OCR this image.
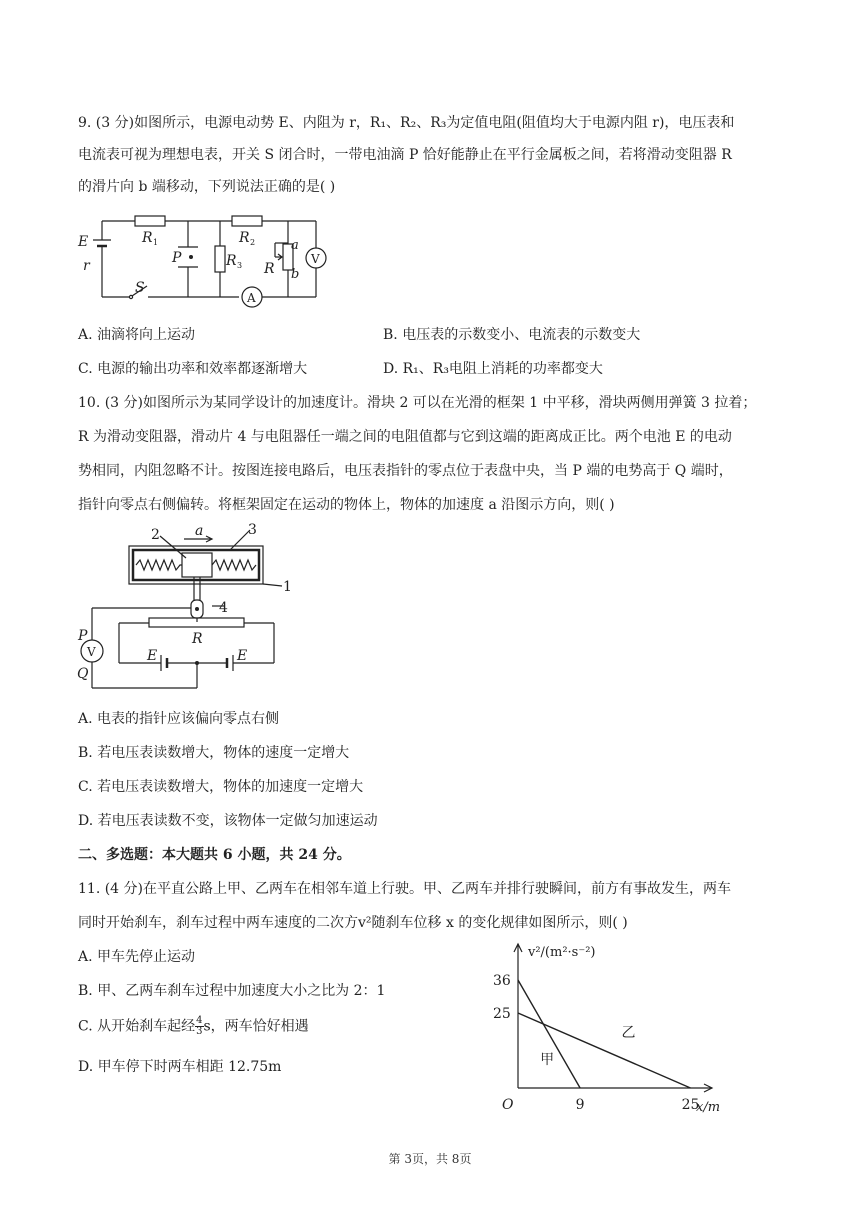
9. (3 分)如图所示，电源电动势 E、内阻为 r，R₁、R₂、R₃为定值电阻(阻值均大于电源内阻 r)，电压表和
电流表可视为理想电表，开关 S 闭合时，一带电油滴 P 恰好能静止在平行金属板之间，若将滑动变阻器 R
的滑片向 b 端移动，下列说法正确的是( )
E
r
S
P
R 1	R 2
R 3 R
a
b
V
A
A. 油滴将向上运动	B. 电压表的示数变小、电流表的示数变大
C. 电源的输出功率和效率都逐渐增大	D. R₁、R₃电阻上消耗的功率都变大
10. (3 分)如图所示为某同学设计的加速度计。滑块 2 可以在光滑的框架 1 中平移，滑块两侧用弹簧 3 拉着；
R 为滑动变阻器，滑动片 4 与电阻器任一端之间的电阻值都与它到这端的距离成正比。两个电池 E 的电动
势相同，内阻忽略不计。按图连接电路后，电压表指针的零点位于表盘中央，当 P 端的电势高于 Q 端时，
指针向零点右侧偏转。将框架固定在运动的物体上，物体的加速度 a 沿图示方向，则( )
1
2	3
4
a
R
E	E
P
Q
V
A. 电表的指针应该偏向零点右侧
B. 若电压表读数增大，物体的速度一定增大
C. 若电压表读数增大，物体的加速度一定增大
D. 若电压表读数不变，该物体一定做匀加速运动
二、多选题：本大题共 6 小题，共 24 分。
11. (4 分)在平直公路上甲、乙两车在相邻车道上行驶。甲、乙两车并排行驶瞬间，前方有事故发生，两车
同时开始刹车，刹车过程中两车速度的二次方v²随刹车位移 x 的变化规律如图所示，则( )
A. 甲车先停止运动
B. 甲、乙两车刹车过程中加速度大小之比为 2：1
C. 从开始刹车起经 $\frac{4}{3}$ s，两车恰好相遇
D. 甲车停下时两车相距 12.75m
v²/(m²·s⁻²)
x/m
O	9	25
36
25
甲
乙
第 3页，共 8页
